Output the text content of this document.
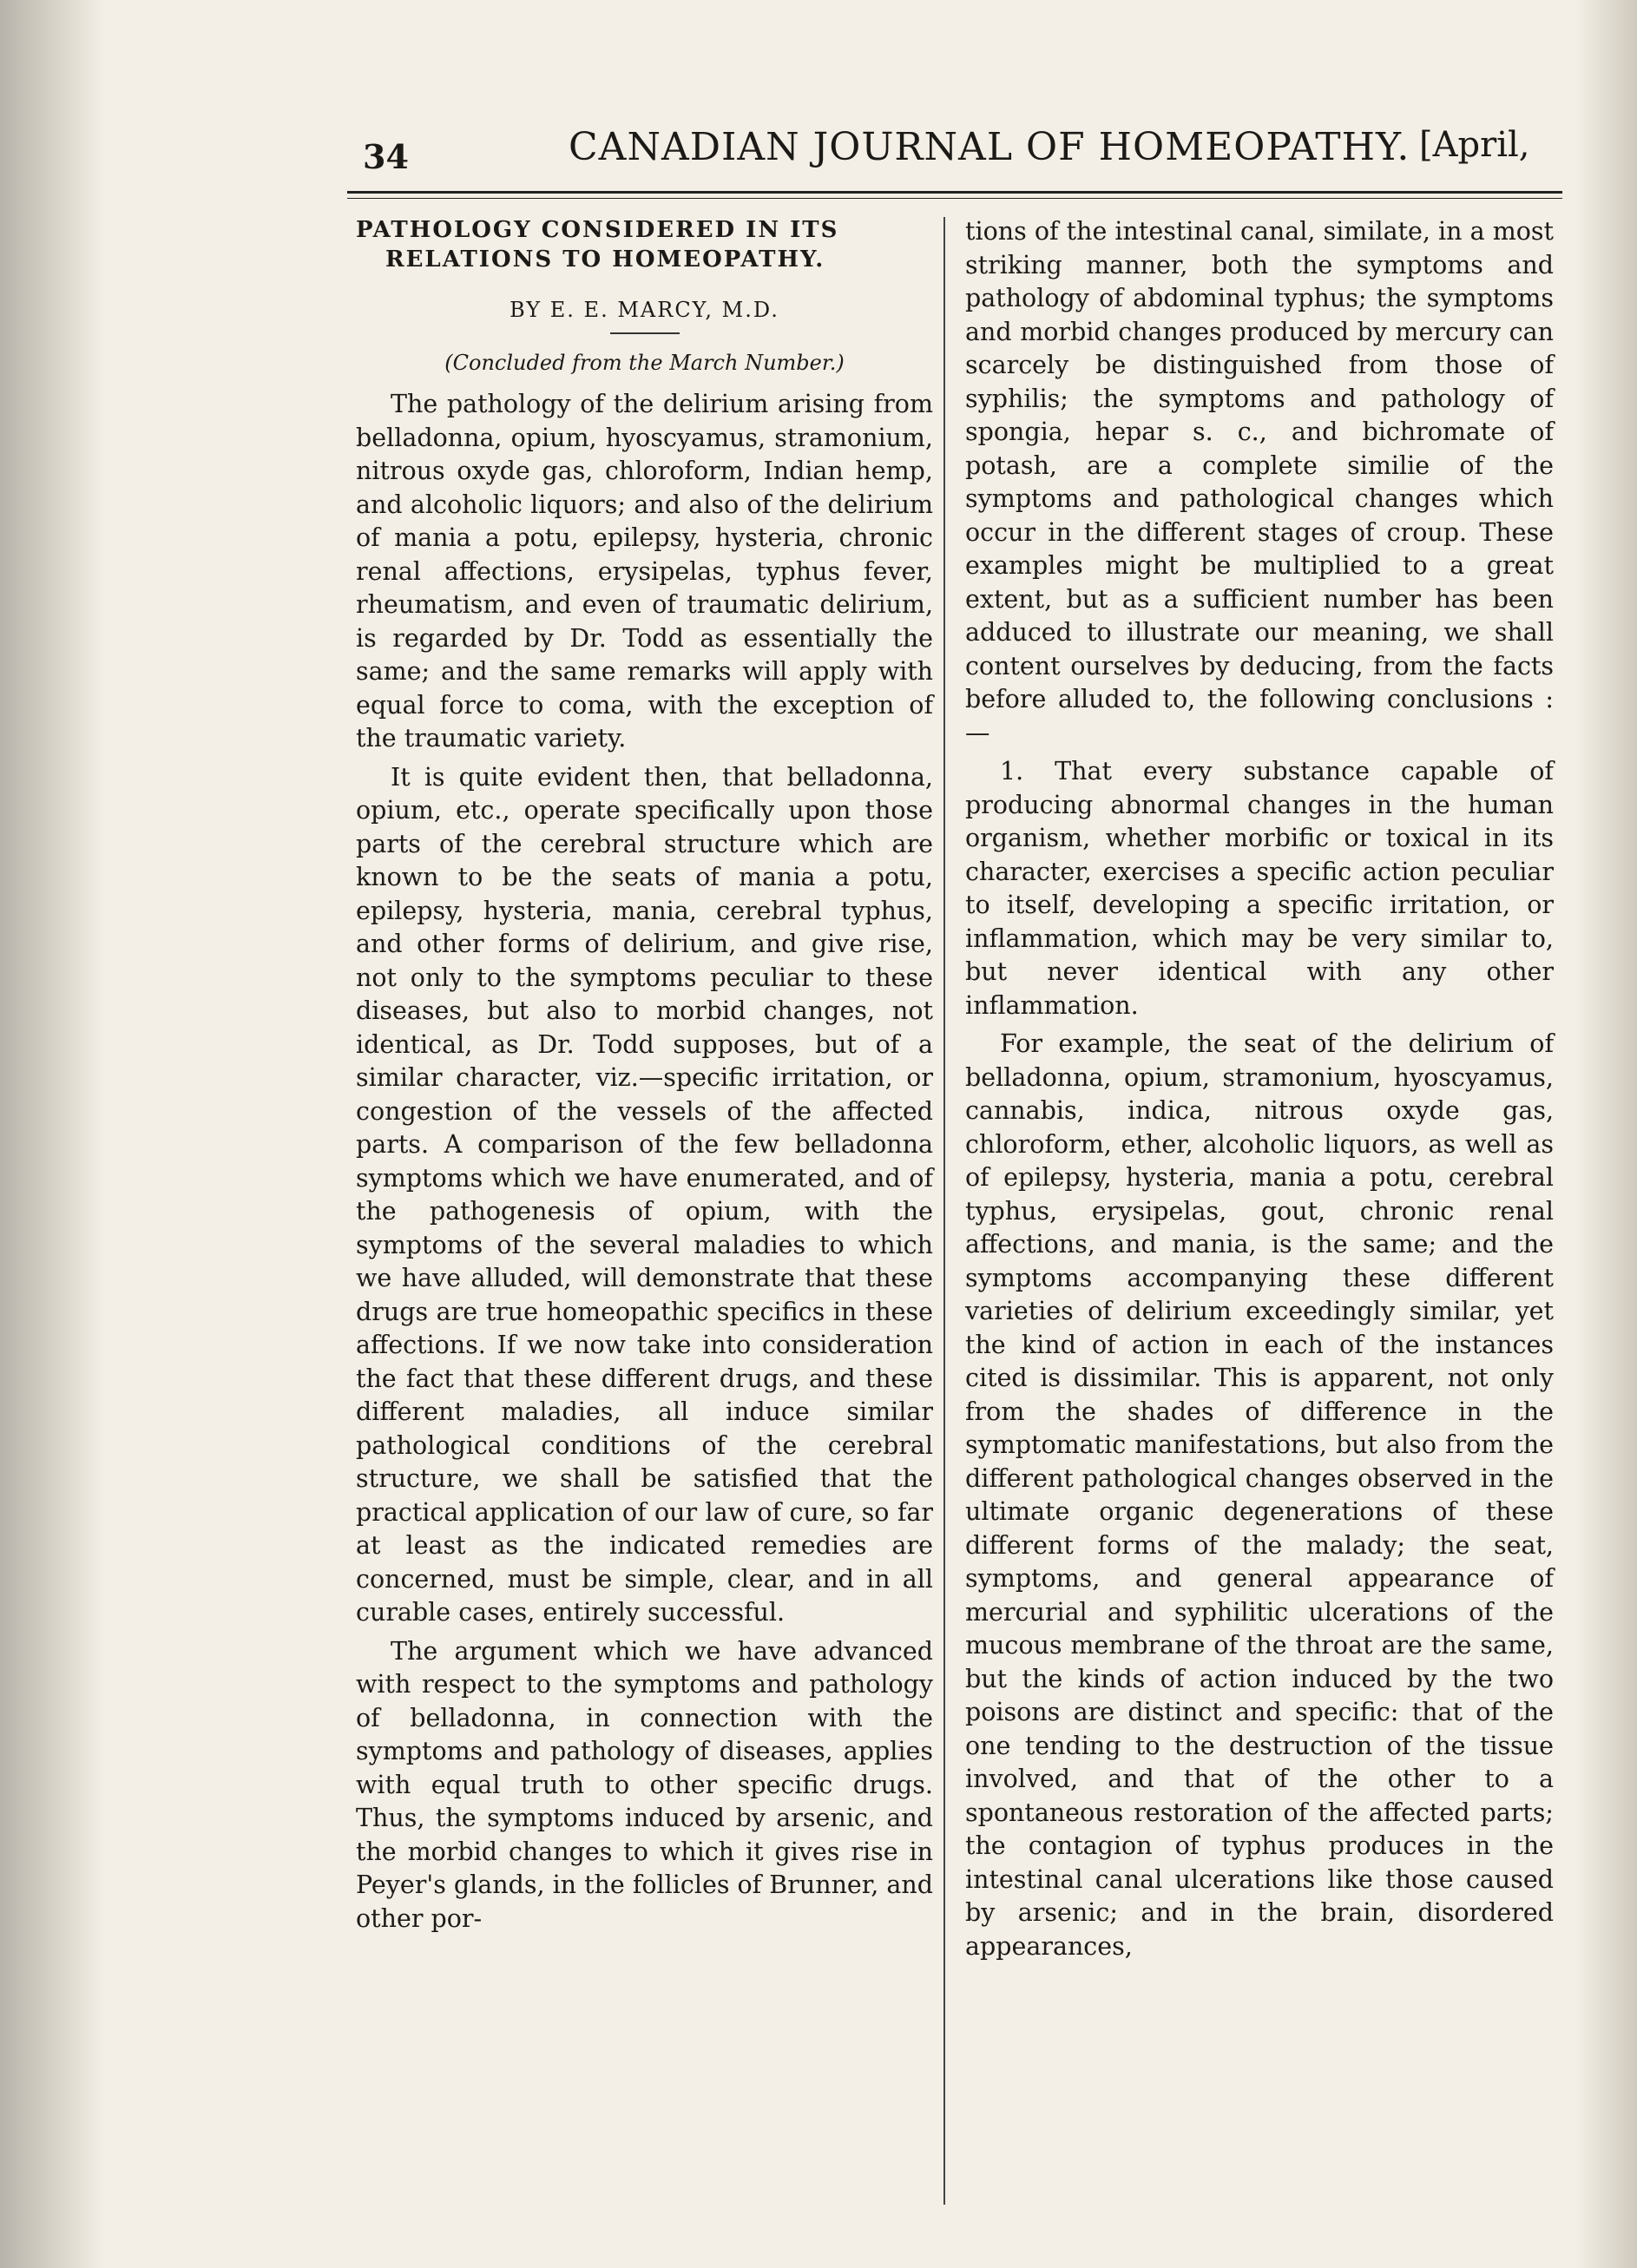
34	CANADIAN JOURNAL OF HOMEOPATHY. [April,
PATHOLOGY CONSIDERED IN ITS
RELATIONS TO HOMEOPATHY.
BY E. E. MARCY, M.D.
(Concluded from the March Number.)

The pathology of the delirium arising from belladonna, opium, hyoscyamus, stramonium, nitrous oxyde gas, chloroform, Indian hemp, and alcoholic liquors; and also of the delirium of mania a potu, epilepsy, hysteria, chronic renal affections, erysipelas, typhus fever, rheumatism, and even of traumatic delirium, is regarded by Dr. Todd as essentially the same; and the same remarks will apply with equal force to coma, with the exception of the traumatic variety.

It is quite evident then, that belladonna, opium, etc., operate specifically upon those parts of the cerebral structure which are known to be the seats of mania a potu, epilepsy, hysteria, mania, cerebral typhus, and other forms of delirium, and give rise, not only to the symptoms peculiar to these diseases, but also to morbid changes, not identical, as Dr. Todd supposes, but of a similar character, viz.—specific irritation, or congestion of the vessels of the affected parts. A comparison of the few belladonna symptoms which we have enumerated, and of the pathogenesis of opium, with the symptoms of the several maladies to which we have alluded, will demonstrate that these drugs are true homeopathic specifics in these affections. If we now take into consideration the fact that these different drugs, and these different maladies, all induce similar pathological conditions of the cerebral structure, we shall be satisfied that the practical application of our law of cure, so far at least as the indicated remedies are concerned, must be simple, clear, and in all curable cases, entirely successful.

The argument which we have advanced with respect to the symptoms and pathology of belladonna, in connection with the symptoms and pathology of diseases, applies with equal truth to other specific drugs. Thus, the symptoms induced by arsenic, and the morbid changes to which it gives rise in Peyer's glands, in the follicles of Brunner, and other por-

tions of the intestinal canal, similate, in a most striking manner, both the symptoms and pathology of abdominal typhus; the symptoms and morbid changes produced by mercury can scarcely be distinguished from those of syphilis; the symptoms and pathology of spongia, hepar s. c., and bichromate of potash, are a complete similie of the symptoms and pathological changes which occur in the different stages of croup. These examples might be multiplied to a great extent, but as a sufficient number has been adduced to illustrate our meaning, we shall content ourselves by deducing, from the facts before alluded to, the following conclusions :—

1. That every substance capable of producing abnormal changes in the human organism, whether morbific or toxical in its character, exercises a specific action peculiar to itself, developing a specific irritation, or inflammation, which may be very similar to, but never identical with any other inflammation.

For example, the seat of the delirium of belladonna, opium, stramonium, hyoscyamus, cannabis, indica, nitrous oxyde gas, chloroform, ether, alcoholic liquors, as well as of epilepsy, hysteria, mania a potu, cerebral typhus, erysipelas, gout, chronic renal affections, and mania, is the same; and the symptoms accompanying these different varieties of delirium exceedingly similar, yet the kind of action in each of the instances cited is dissimilar. This is apparent, not only from the shades of difference in the symptomatic manifestations, but also from the different pathological changes observed in the ultimate organic degenerations of these different forms of the malady; the seat, symptoms, and general appearance of mercurial and syphilitic ulcerations of the mucous membrane of the throat are the same, but the kinds of action induced by the two poisons are distinct and specific: that of the one tending to the destruction of the tissue involved, and that of the other to a spontaneous restoration of the affected parts; the contagion of typhus produces in the intestinal canal ulcerations like those caused by arsenic; and in the brain, disordered appearances,
